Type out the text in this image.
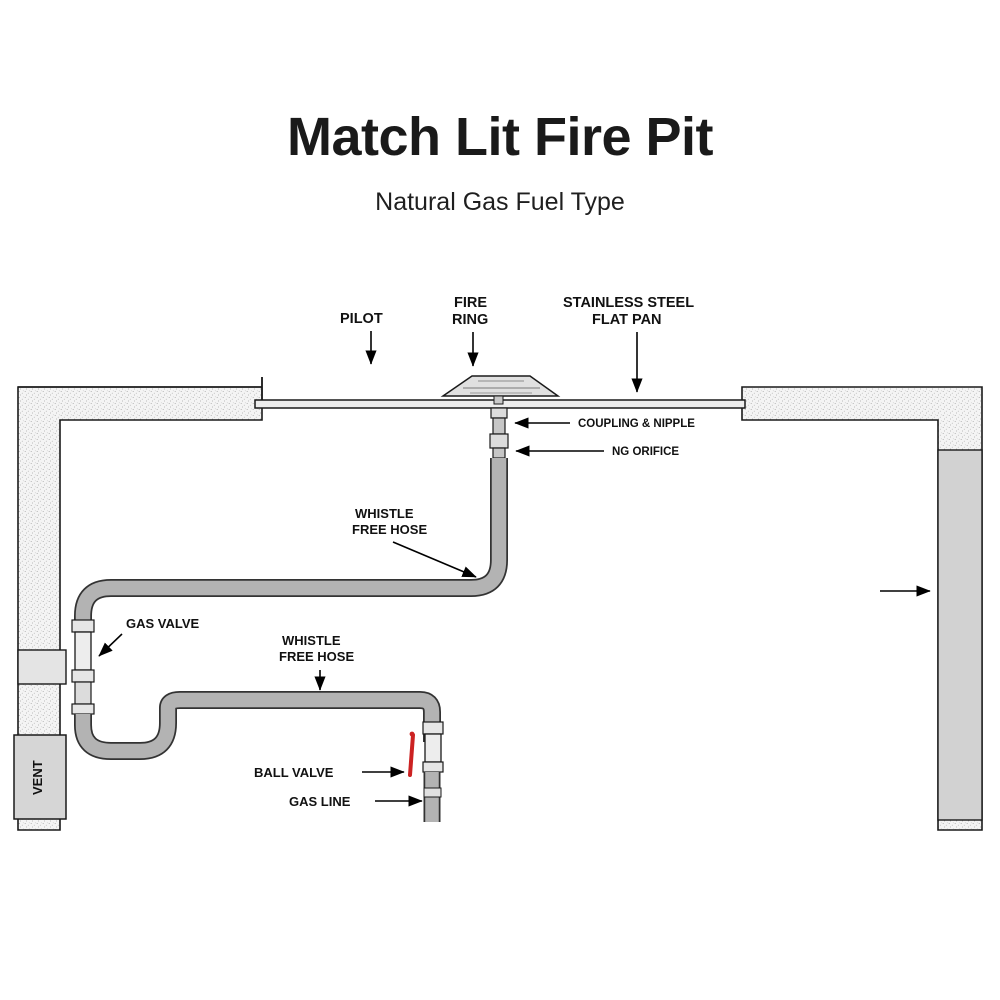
Match Lit Fire Pit
Natural Gas Fuel Type
VENT
PILOT
FIRE
RING
STAINLESS STEEL
FLAT PAN
COUPLING & NIPPLE
NG ORIFICE
WHISTLE
FREE HOSE
GAS VALVE
WHISTLE
FREE HOSE
BALL VALVE
GAS LINE
